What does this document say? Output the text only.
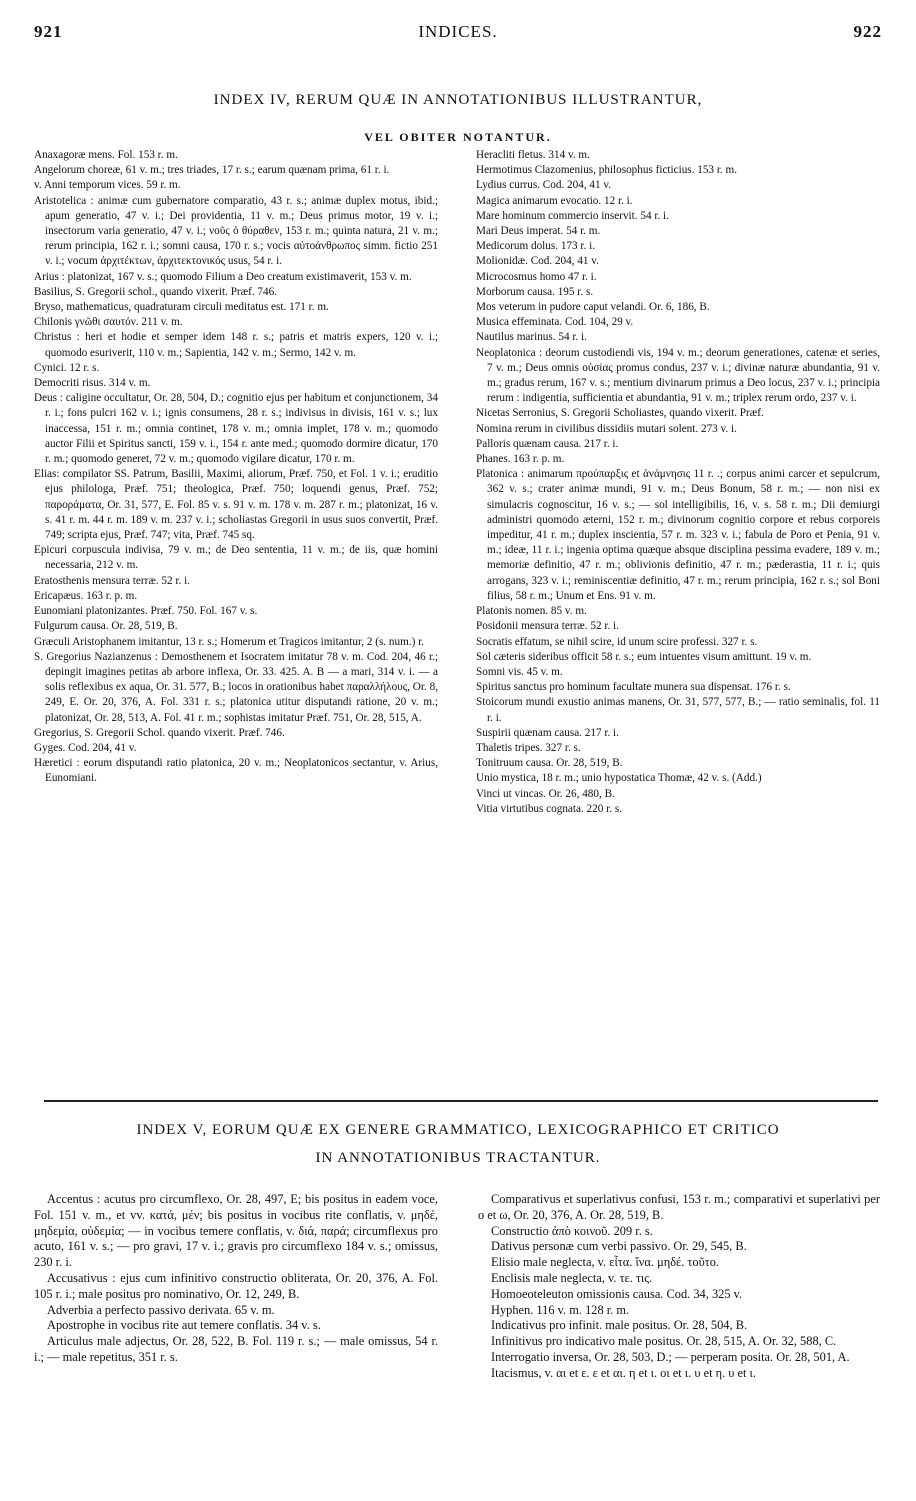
921	INDICES.	922
INDEX IV, RERUM QUÆ IN ANNOTATIONIBUS ILLUSTRANTUR,
VEL OBITER NOTANTUR.

Anaxagoræ mens. Fol. 153 r. m.

Angelorum choreæ, 61 v. m.; tres triades, 17 r. s.; earum quænam prima, 61 r. i.

v. Anni temporum vices. 59 r. m.

Aristotelica : animæ cum gubernatore comparatio, 43 r. s.; animæ duplex motus, ibid.; apum generatio, 47 v. i.; Dei providentia, 11 v. m.; Deus primus motor, 19 v. i.; insectorum varia generatio, 47 v. i.; νοῦς ὁ θύραθεν, 153 r. m.; quinta natura, 21 v. m.; rerum principia, 162 r. i.; somni causa, 170 r. s.; vocis αὐτοάνθρωπος simm. fictio 251 v. i.; vocum ἀρχιτέκτων, ἀρχιτεκτονικός usus, 54 r. i.

Arius : platonizat, 167 v. s.; quomodo Filium a Deo creatum existimaverit, 153 v. m.

Basilius, S. Gregorii schol., quando vixerit. Præf. 746.

Bryso, mathematicus, quadraturam circuli meditatus est. 171 r. m.

Chilonis γνῶθι σαυτόν. 211 v. m.

Christus : heri et hodie et semper idem 148 r. s.; patris et matris expers, 120 v. i.; quomodo esuriverit, 110 v. m.; Sapientia, 142 v. m.; Sermo, 142 v. m.

Cynici. 12 r. s.

Democriti risus. 314 v. m.

Deus : caligine occultatur, Or. 28, 504, D.; cognitio ejus per habitum et conjunctionem, 34 r. i.; fons pulcri 162 v. i.; ignis consumens, 28 r. s.; indivisus in divisis, 161 v. s.; lux inaccessa, 151 r. m.; omnia continet, 178 v. m.; omnia implet, 178 v. m.; quomodo auctor Filii et Spiritus sancti, 159 v. i., 154 r. ante med.; quomodo dormire dicatur, 170 r. m.; quomodo generet, 72 v. m.; quomodo vigilare dicatur, 170 r. m.

Elias: compilator SS. Patrum, Basilii, Maximi, aliorum, Præf. 750, et Fol. 1 v. i.; eruditio ejus philologa, Præf. 751; theologica, Præf. 750; loquendi genus, Præf. 752; παροράματα, Or. 31, 577, E. Fol. 85 v. s. 91 v. m. 178 v. m. 287 r. m.; platonizat, 16 v. s. 41 r. m. 44 r. m. 189 v. m. 237 v. i.; scholiastas Gregorii in usus suos convertit, Præf. 749; scripta ejus, Præf. 747; vita, Præf. 745 sq.

Epicuri corpuscula indivisa, 79 v. m.; de Deo sententia, 11 v. m.; de iis, quæ homini necessaria, 212 v. m.

Eratosthenis mensura terræ. 52 r. i.

Ericapæus. 163 r. p. m.

Eunomiani platonizantes. Præf. 750. Fol. 167 v. s.

Fulgurum causa. Or. 28, 519, B.

Græculi Aristophanem imitantur, 13 r. s.; Homerum et Tragicos imitantur, 2 (s. num.) r.

S. Gregorius Nazianzenus : Demosthenem et Isocratem imitatur 78 v. m. Cod. 204, 46 r.; depingit imagines petitas ab arbore inflexa, Or. 33. 425. A. B — a mari, 314 v. i. — a solis reflexibus ex aqua, Or. 31. 577, B.; locos in orationibus habet παραλλήλους, Or. 8, 249, E. Or. 20, 376, A. Fol. 331 r. s.; platonica utitur disputandi ratione, 20 v. m.; platonizat, Or. 28, 513, A. Fol. 41 r. m.; sophistas imitatur Præf. 751, Or. 28, 515, A.

Gregorius, S. Gregorii Schol. quando vixerit. Præf. 746.

Gyges. Cod. 204, 41 v.

Hæretici : eorum disputandi ratio platonica, 20 v. m.; Neoplatonicos sectantur, v. Arius, Eunomiani.

Heracliti fletus. 314 v. m.

Hermotimus Clazomenius, philosophus ficticius. 153 r. m.

Lydius currus. Cod. 204, 41 v.

Magica animarum evocatio. 12 r. i.

Mare hominum commercio inservit. 54 r. i.

Mari Deus imperat. 54 r. m.

Medicorum dolus. 173 r. i.

Molionidæ. Cod. 204, 41 v.

Microcosmus homo 47 r. i.

Morborum causa. 195 r. s.

Mos veterum in pudore caput velandi. Or. 6, 186, B.

Musica effeminata. Cod. 104, 29 v.

Nautilus marinus. 54 r. i.

Neoplatonica : deorum custodiendi vis, 194 v. m.; deorum generationes, catenæ et series, 7 v. m.; Deus omnis οὐσίας promus condus, 237 v. i.; divinæ naturæ abundantia, 91 v. m.; gradus rerum, 167 v. s.; mentium divinarum primus a Deo locus, 237 v. i.; principia rerum : indigentia, sufficientia et abundantia, 91 v. m.; triplex rerum ordo, 237 v. i.

Nicetas Serronius, S. Gregorii Scholiastes, quando vixerit. Præf.

Nomina rerum in civilibus dissidiis mutari solent. 273 v. i.

Palloris quænam causa. 217 r. i.

Phanes. 163 r. p. m.

Platonica : animarum προύπαρξις et ἀνάμνησις 11 r. .; corpus animi carcer et sepulcrum, 362 v. s.; crater animæ mundi, 91 v. m.; Deus Bonum, 58 r. m.; — non nisi ex simulacris cognoscitur, 16 v. s.; — sol intelligibilis, 16, v. s. 58 r. m.; Dii demiurgi administri quomodo æterni, 152 r. m.; divinorum cognitio corpore et rebus corporeis impeditur, 41 r. m.; duplex inscientia, 57 r. m. 323 v. i.; fabula de Poro et Penia, 91 v. m.; ideæ, 11 r. i.; ingenia optima quæque absque disciplina pessima evadere, 189 v. m.; memoriæ definitio, 47 r. m.; oblivionis definitio, 47 r. m.; pæderastia, 11 r. i.; quis arrogans, 323 v. i.; reminiscentiæ definitio, 47 r. m.; rerum principia, 162 r. s.; sol Boni filius, 58 r. m.; Unum et Ens. 91 v. m.

Platonis nomen. 85 v. m.

Posidonii mensura terræ. 52 r. i.

Socratis effatum, se nihil scire, id unum scire professi. 327 r. s.

Sol cæteris sideribus officit 58 r. s.; eum intuentes visum amittunt. 19 v. m.

Somni vis. 45 v. m.

Spiritus sanctus pro hominum facultate munera sua dispensat. 176 r. s.

Stoicorum mundi exustio animas manens, Or. 31, 577, 577, B.; — ratio seminalis, fol. 11 r. i.

Suspirii quænam causa. 217 r. i.

Thaletis tripes. 327 r. s.

Tonitruum causa. Or. 28, 519, B.

Unio mystica, 18 r. m.; unio hypostatica Thomæ, 42 v. s. (Add.)

Vinci ut vincas. Or. 26, 480, B.

Vitia virtutibus cognata. 220 r. s.

INDEX V, EORUM QUÆ EX GENERE GRAMMATICO, LEXICOGRAPHICO ET CRITICO
IN ANNOTATIONIBUS TRACTANTUR.

Accentus : acutus pro circumflexo, Or. 28, 497, E; bis positus in eadem voce, Fol. 151 v. m., et vv. κατά, μέν; bis positus in vocibus rite conflatis, v. μηδέ, μηδεμία, οὐδεμία; — in vocibus temere conflatis, v. διά, παρά; circumflexus pro acuto, 161 v. s.; — pro gravi, 17 v. i.; gravis pro circumflexo 184 v. s.; omissus, 230 r. i.

Accusativus : ejus cum infinitivo constructio obliterata, Or. 20, 376, A. Fol. 105 r. i.; male positus pro nominativo, Or. 12, 249, B.

Adverbia a perfecto passivo derivata. 65 v. m.

Apostrophe in vocibus rite aut temere conflatis. 34 v. s.

Articulus male adjectus, Or. 28, 522, B. Fol. 119 r. s.; — male omissus, 54 r. i.; — male repetitus, 351 r. s.

Comparativus et superlativus confusi, 153 r. m.; comparativi et superlativi per ο et ω, Or. 20, 376, A. Or. 28, 519, B.

Constructio ἀπὸ κοινοῦ. 209 r. s.

Dativus personæ cum verbi passivo. Or. 29, 545, B.

Elisio male neglecta, v. εἶτα. ἵνα. μηδέ. τοῦτο.

Enclisis male neglecta, v. τε. τις.

Homoeoteleuton omissionis causa. Cod. 34, 325 v.

Hyphen. 116 v. m. 128 r. m.

Indicativus pro infinit. male positus. Or. 28, 504, B.

Infinitivus pro indicativo male positus. Or. 28, 515, A. Or. 32, 588, C.

Interrogatio inversa, Or. 28, 503, D.; — perperam posita. Or. 28, 501, A.

Itacismus, v. αι et ε. ε et αι. η et ι. οι et ι. υ et η. υ et ι.
